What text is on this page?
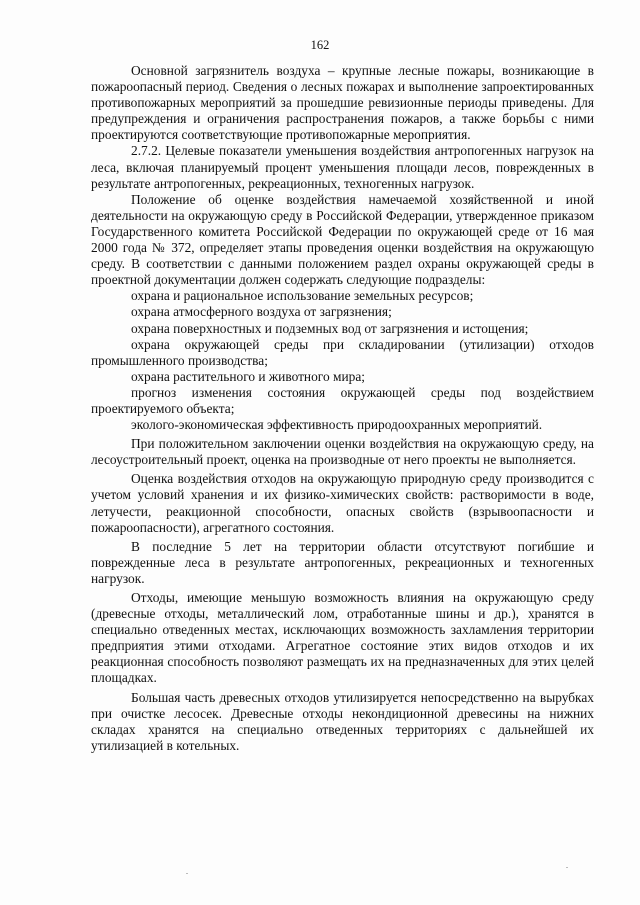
162

Основной загрязнитель воздуха – крупные лесные пожары, возникающие в пожароопасный период. Сведения о лесных пожарах и выполнение запроектированных противопожарных мероприятий за прошедшие ревизионные периоды приведены. Для предупреждения и ограничения распространения пожаров, а также борьбы с ними проектируются соответствующие противопожарные мероприятия.

2.7.2. Целевые показатели уменьшения воздействия антропогенных нагрузок на леса, включая планируемый процент уменьшения площади лесов, поврежденных в результате антропогенных, рекреационных, техногенных нагрузок.

Положение об оценке воздействия намечаемой хозяйственной и иной деятельности на окружающую среду в Российской Федерации, утвержденное приказом Государственного комитета Российской Федерации по окружающей среде от 16 мая 2000 года № 372, определяет этапы проведения оценки воздействия на окружающую среду. В соответствии с данными положением раздел охраны окружающей среды в проектной документации должен содержать следующие подразделы:

охрана и рациональное использование земельных ресурсов;

охрана атмосферного воздуха от загрязнения;

охрана поверхностных и подземных вод от загрязнения и истощения;

охрана окружающей среды при складировании (утилизации) отходов промышленного производства;

охрана растительного и животного мира;

прогноз изменения состояния окружающей среды под воздействием проектируемого объекта;

эколого-экономическая эффективность природоохранных мероприятий.

При положительном заключении оценки воздействия на окружающую среду, на лесоустроительный проект, оценка на производные от него проекты не выполняется.

Оценка воздействия отходов на окружающую природную среду производится с учетом условий хранения и их физико-химических свойств: растворимости в воде, летучести, реакционной способности, опасных свойств (взрывоопасности и пожароопасности), агрегатного состояния.

В последние 5 лет на территории области отсутствуют погибшие и поврежденные леса в результате антропогенных, рекреационных и техногенных нагрузок.

Отходы, имеющие меньшую возможность влияния на окружающую среду (древесные отходы, металлический лом, отработанные шины и др.), хранятся в специально отведенных местах, исключающих возможность захламления территории предприятия этими отходами. Агрегатное состояние этих видов отходов и их реакционная способность позволяют размещать их на предназначенных для этих целей площадках.

Большая часть древесных отходов утилизируется непосредственно на вырубках при очистке лесосек. Древесные отходы некондиционной древесины на нижних складах хранятся на специально отведенных территориях с дальнейшей их утилизацией в котельных.
